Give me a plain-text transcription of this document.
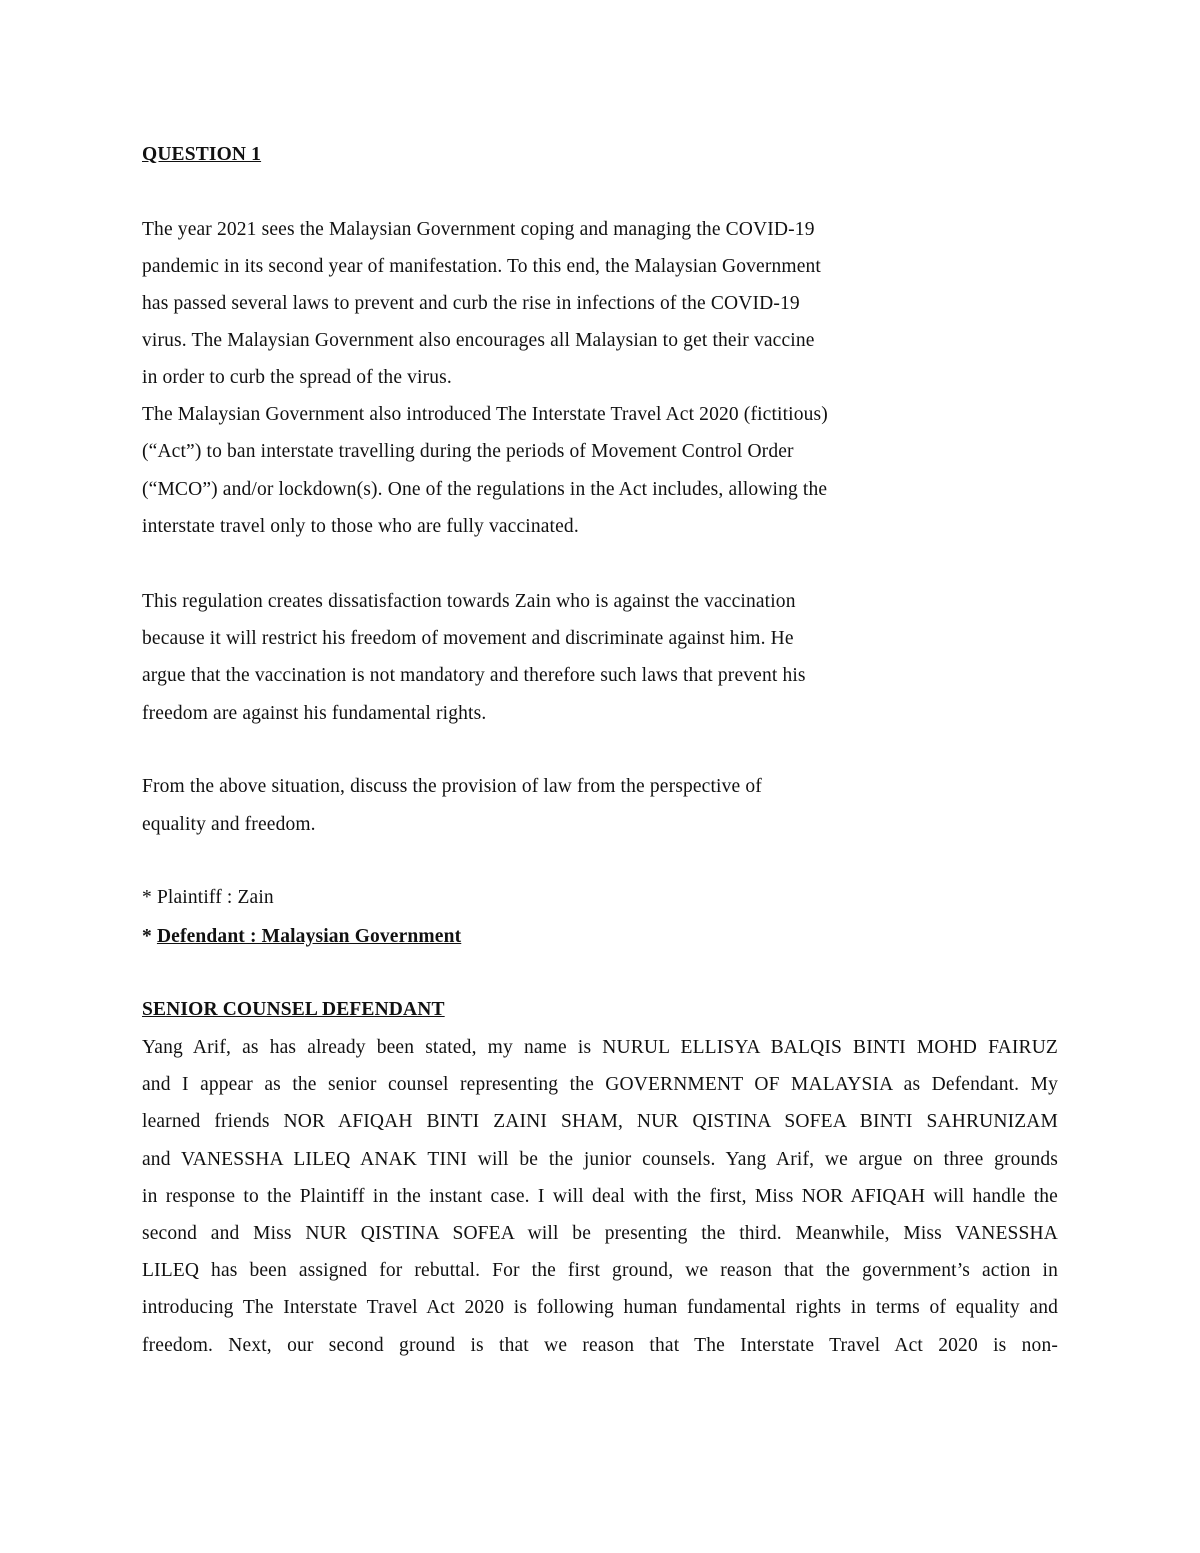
QUESTION 1
The year 2021 sees the Malaysian Government coping and managing the COVID-19
pandemic in its second year of manifestation. To this end, the Malaysian Government
has passed several laws to prevent and curb the rise in infections of the COVID-19
virus. The Malaysian Government also encourages all Malaysian to get their vaccine
in order to curb the spread of the virus.
The Malaysian Government also introduced The Interstate Travel Act 2020 (fictitious)
(“Act”) to ban interstate travelling during the periods of Movement Control Order
(“MCO”) and/or lockdown(s). One of the regulations in the Act includes, allowing the
interstate travel only to those who are fully vaccinated.
This regulation creates dissatisfaction towards Zain who is against the vaccination
because it will restrict his freedom of movement and discriminate against him. He
argue that the vaccination is not mandatory and therefore such laws that prevent his
freedom are against his fundamental rights.
From the above situation, discuss the provision of law from the perspective of
equality and freedom.
* Plaintiff : Zain
* Defendant : Malaysian Government
SENIOR COUNSEL DEFENDANT
Yang Arif, as has already been stated, my name is NURUL ELLISYA BALQIS BINTI MOHD FAIRUZ
and I appear as the senior counsel representing the GOVERNMENT OF MALAYSIA as Defendant. My
learned friends NOR AFIQAH BINTI ZAINI SHAM, NUR QISTINA SOFEA BINTI SAHRUNIZAM
and VANESSHA LILEQ ANAK TINI will be the junior counsels. Yang Arif, we argue on three grounds
in response to the Plaintiff in the instant case. I will deal with the first, Miss NOR AFIQAH will handle the
second and Miss NUR QISTINA SOFEA will be presenting the third. Meanwhile, Miss VANESSHA
LILEQ has been assigned for rebuttal. For the first ground, we reason that the government’s action in
introducing The Interstate Travel Act 2020 is following human fundamental rights in terms of equality and
freedom. Next, our second ground is that we reason that The Interstate Travel Act 2020 is non-
